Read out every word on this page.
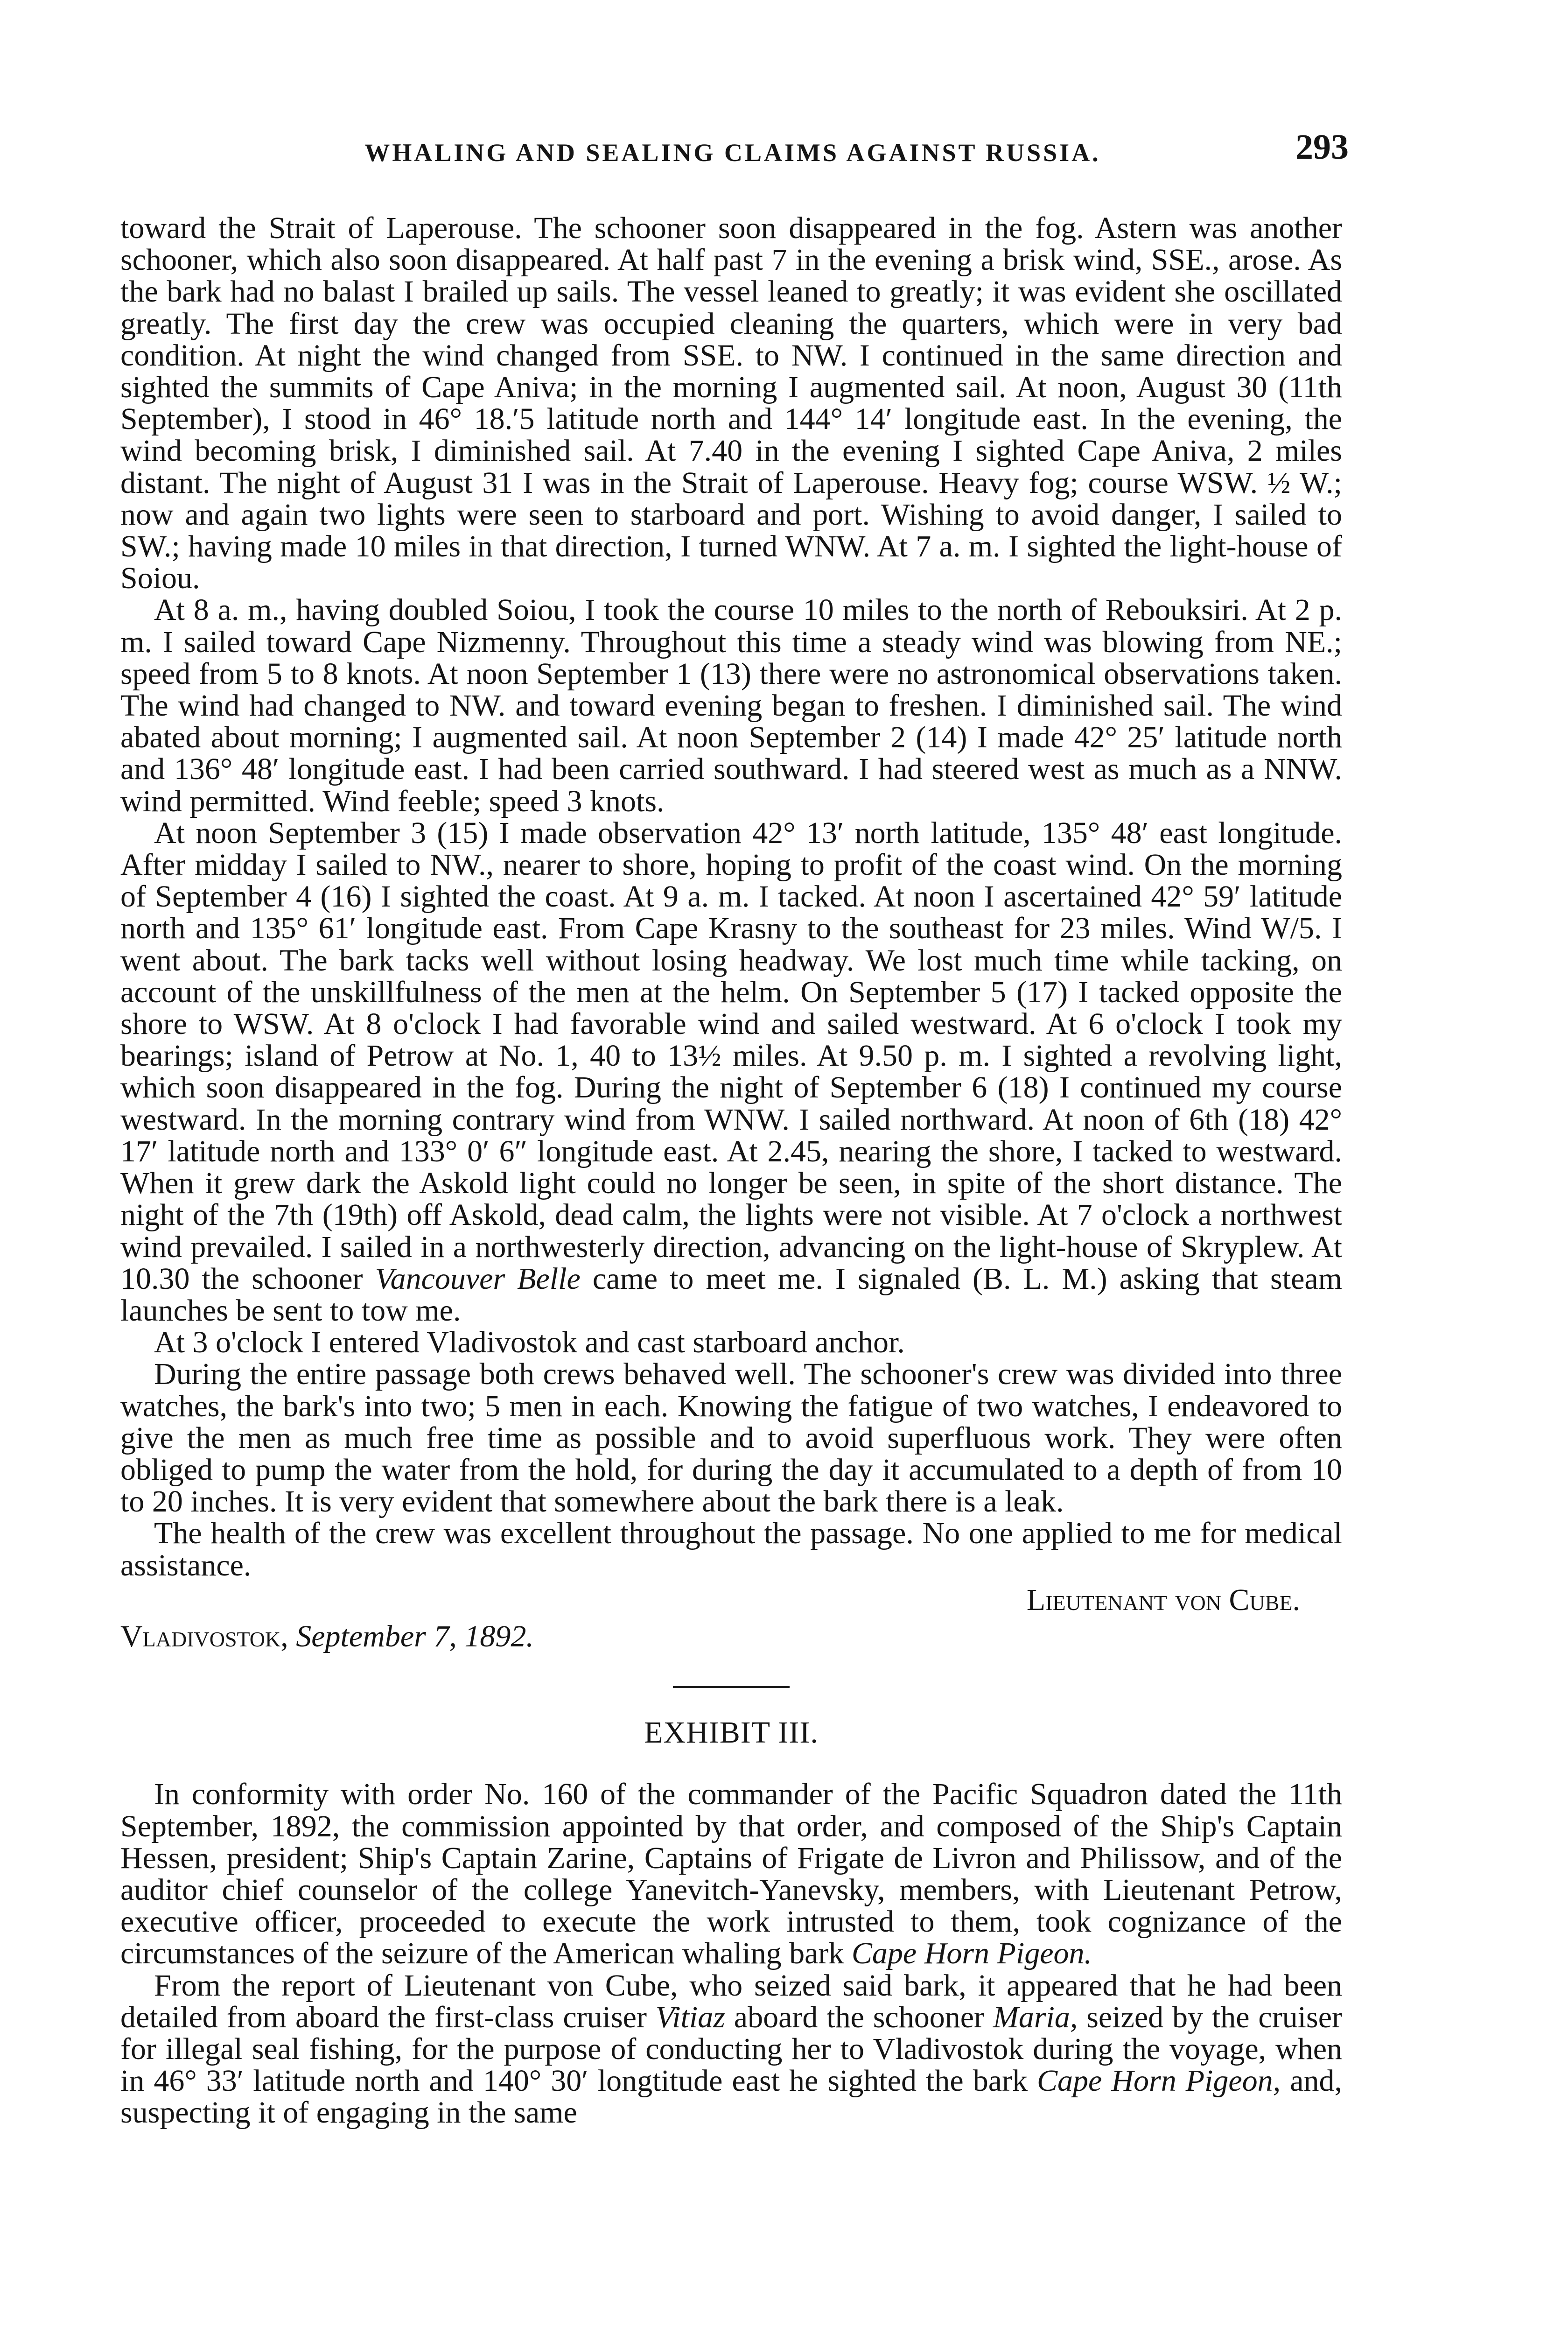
WHALING AND SEALING CLAIMS AGAINST RUSSIA.	293

toward the Strait of Laperouse. The schooner soon disappeared in the fog. Astern was another schooner, which also soon disappeared. At half past 7 in the evening a brisk wind, SSE., arose. As the bark had no balast I brailed up sails. The vessel leaned to greatly; it was evident she oscillated greatly. The first day the crew was occupied cleaning the quarters, which were in very bad condition. At night the wind changed from SSE. to NW. I continued in the same direction and sighted the summits of Cape Aniva; in the morning I augmented sail. At noon, August 30 (11th September), I stood in 46° 18.′5 latitude north and 144° 14′ longitude east. In the evening, the wind becoming brisk, I diminished sail. At 7.40 in the evening I sighted Cape Aniva, 2 miles distant. The night of August 31 I was in the Strait of Laperouse. Heavy fog; course WSW. ½ W.; now and again two lights were seen to starboard and port. Wishing to avoid danger, I sailed to SW.; having made 10 miles in that direction, I turned WNW. At 7 a. m. I sighted the light-house of Soiou.

At 8 a. m., having doubled Soiou, I took the course 10 miles to the north of Rebouksiri. At 2 p. m. I sailed toward Cape Nizmenny. Throughout this time a steady wind was blowing from NE.; speed from 5 to 8 knots. At noon September 1 (13) there were no astronomical observations taken. The wind had changed to NW. and toward evening began to freshen. I diminished sail. The wind abated about morning; I augmented sail. At noon September 2 (14) I made 42° 25′ latitude north and 136° 48′ longitude east. I had been carried southward. I had steered west as much as a NNW. wind permitted. Wind feeble; speed 3 knots.

At noon September 3 (15) I made observation 42° 13′ north latitude, 135° 48′ east longitude. After midday I sailed to NW., nearer to shore, hoping to profit of the coast wind. On the morning of September 4 (16) I sighted the coast. At 9 a. m. I tacked. At noon I ascertained 42° 59′ latitude north and 135° 61′ longitude east. From Cape Krasny to the southeast for 23 miles. Wind W/5. I went about. The bark tacks well without losing headway. We lost much time while tacking, on account of the unskillfulness of the men at the helm. On September 5 (17) I tacked opposite the shore to WSW. At 8 o'clock I had favorable wind and sailed westward. At 6 o'clock I took my bearings; island of Petrow at No. 1, 40 to 13½ miles. At 9.50 p. m. I sighted a revolving light, which soon disappeared in the fog. During the night of September 6 (18) I continued my course westward. In the morning contrary wind from WNW. I sailed northward. At noon of 6th (18) 42° 17′ latitude north and 133° 0′ 6″ longitude east. At 2.45, nearing the shore, I tacked to westward. When it grew dark the Askold light could no longer be seen, in spite of the short distance. The night of the 7th (19th) off Askold, dead calm, the lights were not visible. At 7 o'clock a northwest wind prevailed. I sailed in a northwesterly direction, advancing on the light-house of Skryplew. At 10.30 the schooner Vancouver Belle came to meet me. I signaled (B. L. M.) asking that steam launches be sent to tow me.

At 3 o'clock I entered Vladivostok and cast starboard anchor.

During the entire passage both crews behaved well. The schooner's crew was divided into three watches, the bark's into two; 5 men in each. Knowing the fatigue of two watches, I endeavored to give the men as much free time as possible and to avoid superfluous work. They were often obliged to pump the water from the hold, for during the day it accumulated to a depth of from 10 to 20 inches. It is very evident that somewhere about the bark there is a leak.

The health of the crew was excellent throughout the passage. No one applied to me for medical assistance.

Lieutenant von Cube.

Vladivostok, September 7, 1892.

EXHIBIT III.

In conformity with order No. 160 of the commander of the Pacific Squadron dated the 11th September, 1892, the commission appointed by that order, and composed of the Ship's Captain Hessen, president; Ship's Captain Zarine, Captains of Frigate de Livron and Philissow, and of the auditor chief counselor of the college Yanevitch-Yanevsky, members, with Lieutenant Petrow, executive officer, proceeded to execute the work intrusted to them, took cognizance of the circumstances of the seizure of the American whaling bark Cape Horn Pigeon.

From the report of Lieutenant von Cube, who seized said bark, it appeared that he had been detailed from aboard the first-class cruiser Vitiaz aboard the schooner Maria, seized by the cruiser for illegal seal fishing, for the purpose of conducting her to Vladivostok during the voyage, when in 46° 33′ latitude north and 140° 30′ longtitude east he sighted the bark Cape Horn Pigeon, and, suspecting it of engaging in the same
